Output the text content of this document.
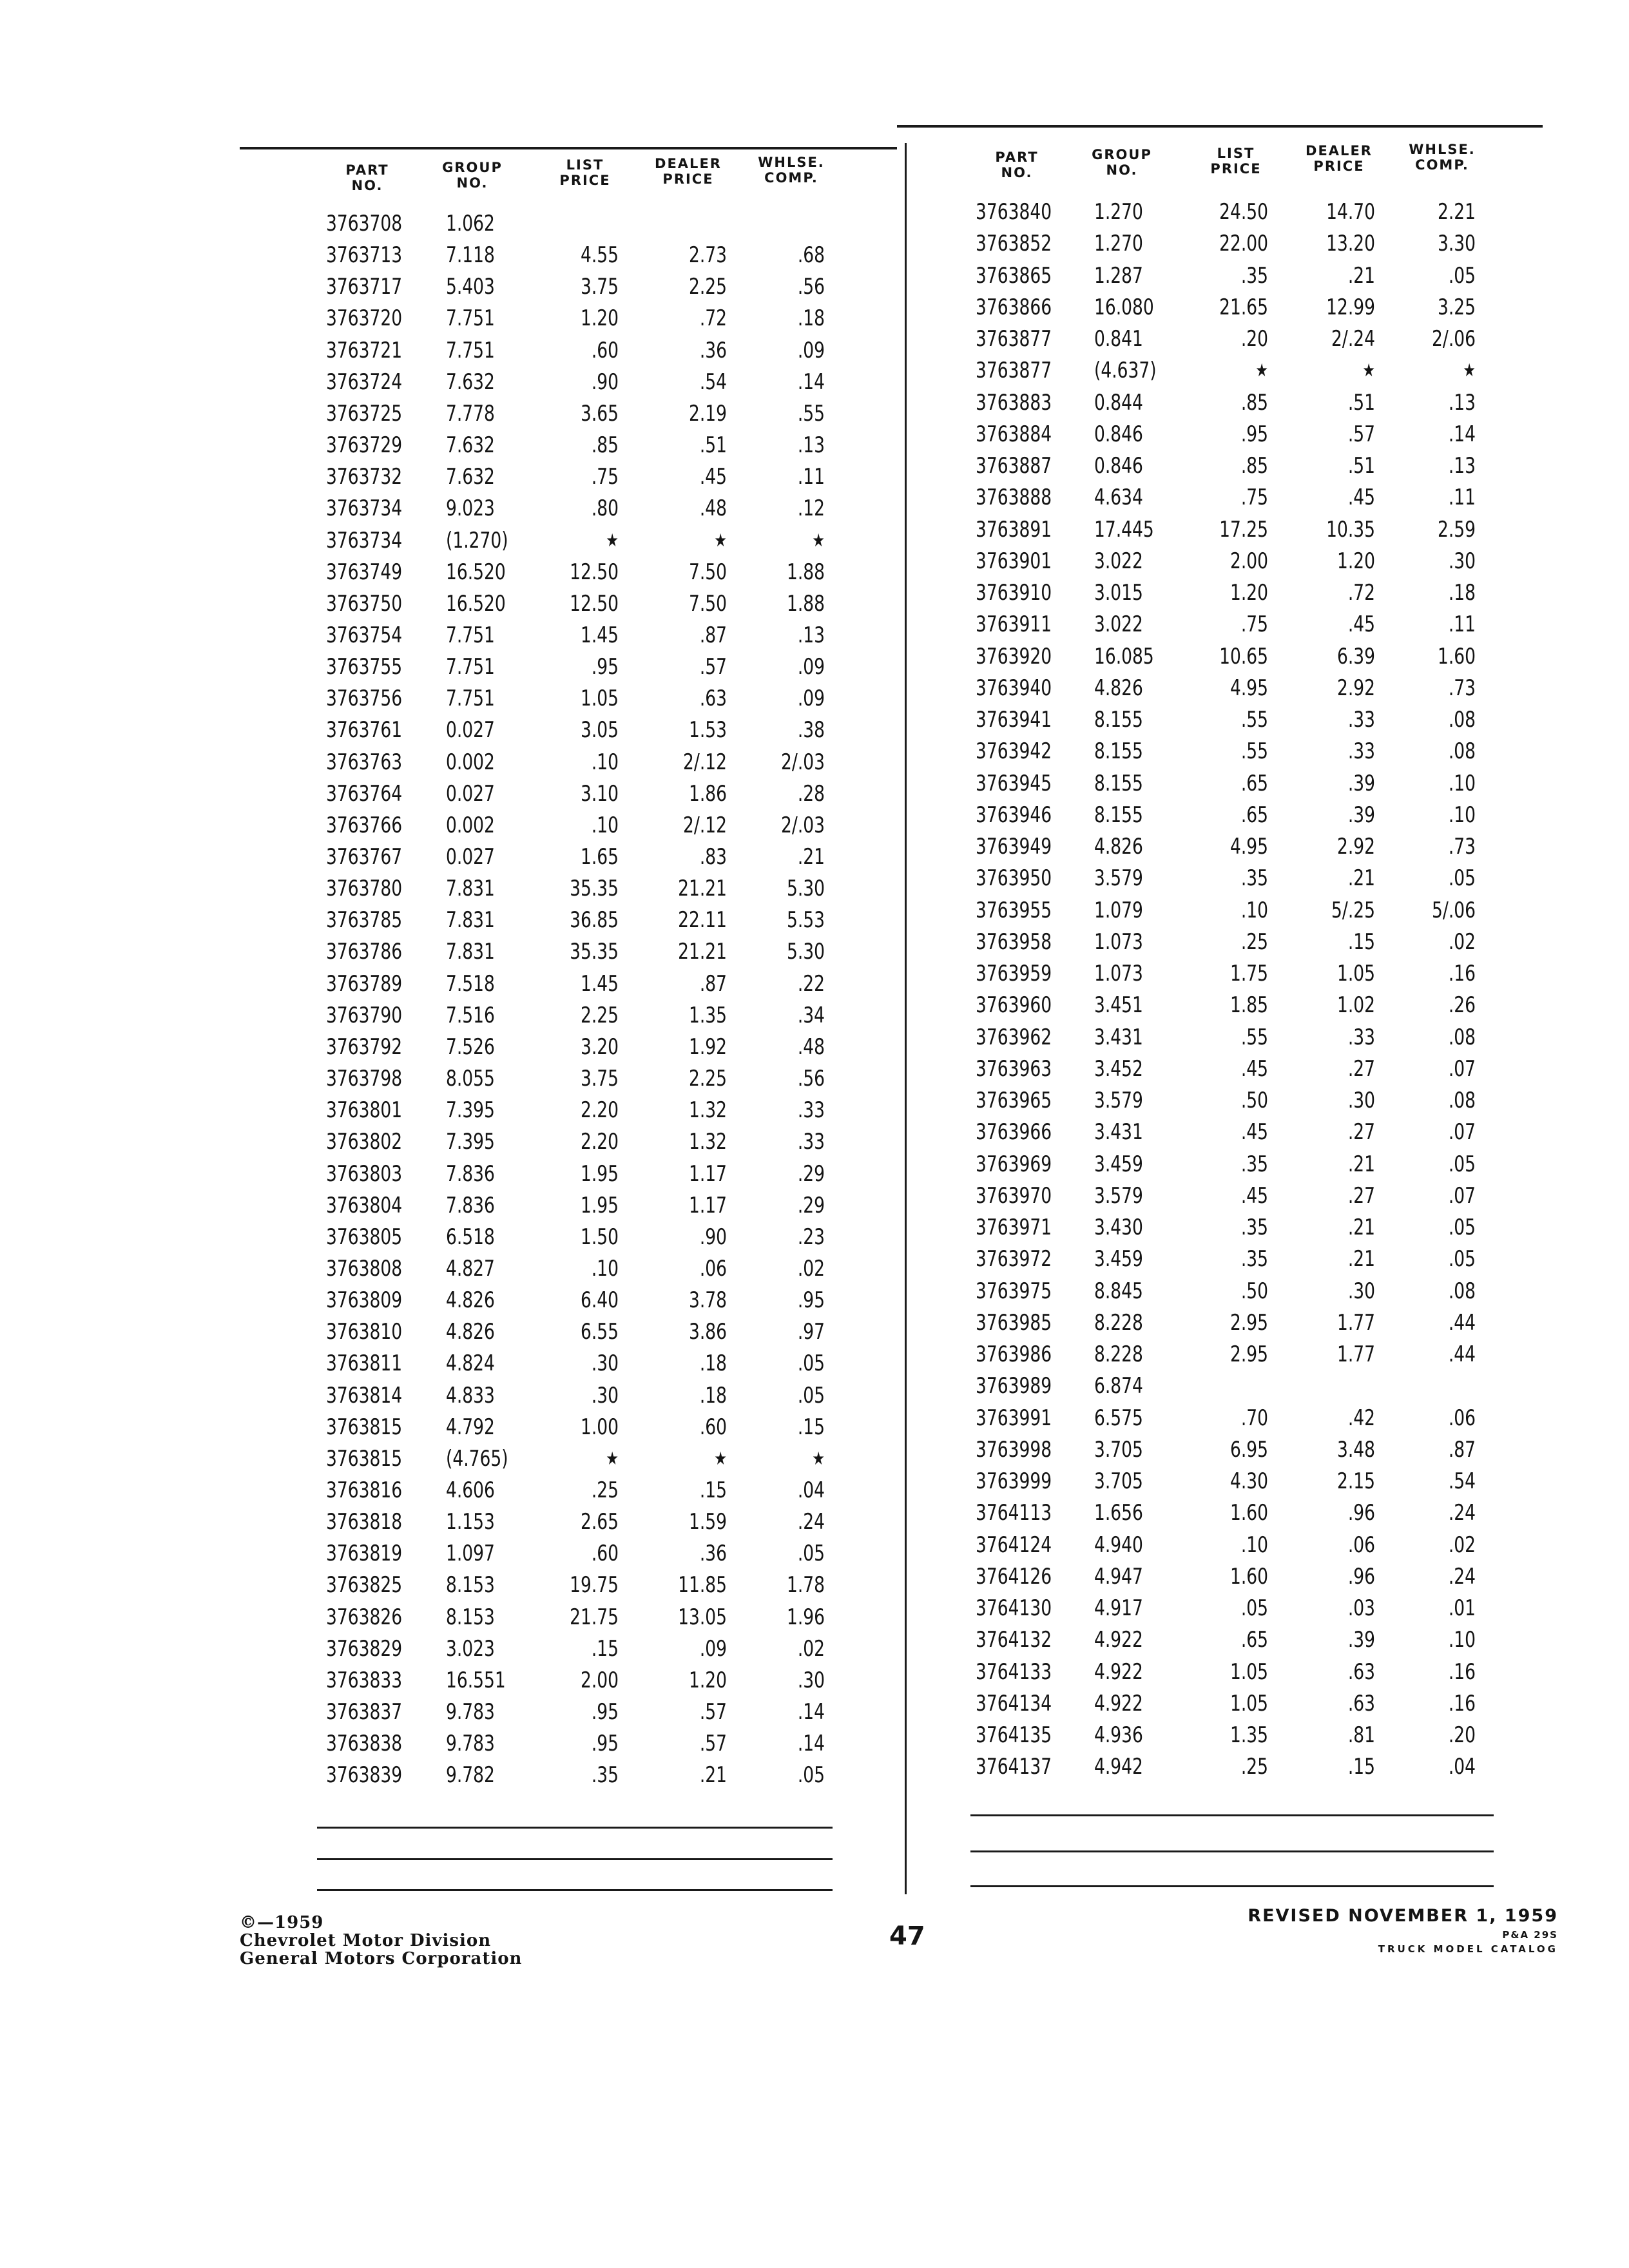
PART
NO.
GROUP
NO.
LIST
PRICE
DEALER
PRICE
WHLSE.
COMP.
PART
NO.
GROUP
NO.
LIST
PRICE
DEALER
PRICE
WHLSE.
COMP.
3763708 1.062
3763713 7.118	4.55	2.73	.68
3763717 5.403	3.75	2.25	.56
3763720 7.751	1.20	.72	.18
3763721 7.751	.60	.36	.09
3763724 7.632	.90	.54	.14
3763725 7.778	3.65	2.19	.55
3763729 7.632	.85	.51	.13
3763732 7.632	.75	.45	.11
3763734 9.023	.80	.48	.12
3763734 (1.270)	★	★	★
3763749 16.520	12.50	7.50	1.88
3763750 16.520	12.50	7.50	1.88
3763754 7.751	1.45	.87	.13
3763755 7.751	.95	.57	.09
3763756 7.751	1.05	.63	.09
3763761 0.027	3.05	1.53	.38
3763763 0.002	.10	2/.12	2/.03
3763764 0.027	3.10	1.86	.28
3763766 0.002	.10	2/.12	2/.03
3763767 0.027	1.65	.83	.21
3763780 7.831	35.35	21.21	5.30
3763785 7.831	36.85	22.11	5.53
3763786 7.831	35.35	21.21	5.30
3763789 7.518	1.45	.87	.22
3763790 7.516	2.25	1.35	.34
3763792 7.526	3.20	1.92	.48
3763798 8.055	3.75	2.25	.56
3763801 7.395	2.20	1.32	.33
3763802 7.395	2.20	1.32	.33
3763803 7.836	1.95	1.17	.29
3763804 7.836	1.95	1.17	.29
3763805 6.518	1.50	.90	.23
3763808 4.827	.10	.06	.02
3763809 4.826	6.40	3.78	.95
3763810 4.826	6.55	3.86	.97
3763811 4.824	.30	.18	.05
3763814 4.833	.30	.18	.05
3763815 4.792	1.00	.60	.15
3763815 (4.765)	★	★	★
3763816 4.606	.25	.15	.04
3763818 1.153	2.65	1.59	.24
3763819 1.097	.60	.36	.05
3763825 8.153	19.75	11.85	1.78
3763826 8.153	21.75	13.05	1.96
3763829 3.023	.15	.09	.02
3763833 16.551	2.00	1.20	.30
3763837 9.783	.95	.57	.14
3763838 9.783	.95	.57	.14
3763839 9.782	.35	.21	.05
3763840 1.270	24.50	14.70	2.21
3763852 1.270	22.00	13.20	3.30
3763865 1.287	.35	.21	.05
3763866 16.080	21.65	12.99	3.25
3763877 0.841	.20	2/.24	2/.06
3763877 (4.637)	★	★	★
3763883 0.844	.85	.51	.13
3763884 0.846	.95	.57	.14
3763887 0.846	.85	.51	.13
3763888 4.634	.75	.45	.11
3763891 17.445	17.25	10.35	2.59
3763901 3.022	2.00	1.20	.30
3763910 3.015	1.20	.72	.18
3763911 3.022	.75	.45	.11
3763920 16.085	10.65	6.39	1.60
3763940 4.826	4.95	2.92	.73
3763941 8.155	.55	.33	.08
3763942 8.155	.55	.33	.08
3763945 8.155	.65	.39	.10
3763946 8.155	.65	.39	.10
3763949 4.826	4.95	2.92	.73
3763950 3.579	.35	.21	.05
3763955 1.079	.10	5/.25	5/.06
3763958 1.073	.25	.15	.02
3763959 1.073	1.75	1.05	.16
3763960 3.451	1.85	1.02	.26
3763962 3.431	.55	.33	.08
3763963 3.452	.45	.27	.07
3763965 3.579	.50	.30	.08
3763966 3.431	.45	.27	.07
3763969 3.459	.35	.21	.05
3763970 3.579	.45	.27	.07
3763971 3.430	.35	.21	.05
3763972 3.459	.35	.21	.05
3763975 8.845	.50	.30	.08
3763985 8.228	2.95	1.77	.44
3763986 8.228	2.95	1.77	.44
3763989 6.874
3763991 6.575	.70	.42	.06
3763998 3.705	6.95	3.48	.87
3763999 3.705	4.30	2.15	.54
3764113 1.656	1.60	.96	.24
3764124 4.940	.10	.06	.02
3764126 4.947	1.60	.96	.24
3764130 4.917	.05	.03	.01
3764132 4.922	.65	.39	.10
3764133 4.922	1.05	.63	.16
3764134 4.922	1.05	.63	.16
3764135 4.936	1.35	.81	.20
3764137 4.942	.25	.15	.04
©—1959
Chevrolet Motor Division
General Motors Corporation
47
REVISED NOVEMBER 1, 1959
P&A 29S
TRUCK MODEL CATALOG
